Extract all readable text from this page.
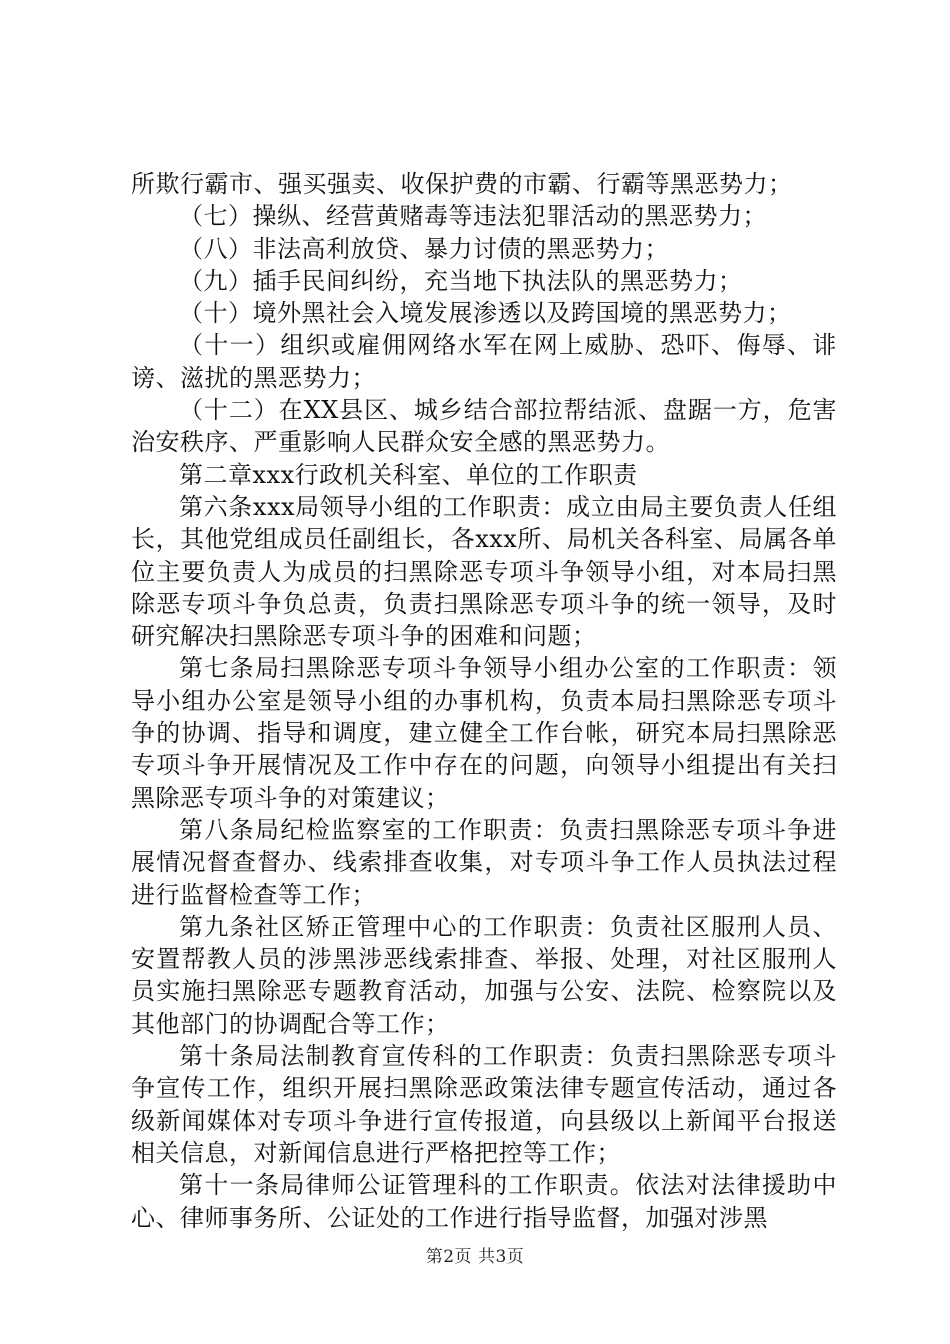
所欺行霸市、强买强卖、收保护费的市霸、行霸等黑恶势力；

（七）操纵、经营黄赌毒等违法犯罪活动的黑恶势力；

（八）非法高利放贷、暴力讨债的黑恶势力；

（九）插手民间纠纷，充当地下执法队的黑恶势力；

（十）境外黑社会入境发展渗透以及跨国境的黑恶势力；

（十一）组织或雇佣网络水军在网上威胁、恐吓、侮辱、诽谤、滋扰的黑恶势力；

（十二）在XX县区、城乡结合部拉帮结派、盘踞一方，危害治安秩序、严重影响人民群众安全感的黑恶势力。

第二章xxx行政机关科室、单位的工作职责

第六条xxx局领导小组的工作职责：成立由局主要负责人任组长，其他党组成员任副组长，各xxx所、局机关各科室、局属各单位主要负责人为成员的扫黑除恶专项斗争领导小组，对本局扫黑除恶专项斗争负总责，负责扫黑除恶专项斗争的统一领导，及时研究解决扫黑除恶专项斗争的困难和问题；

第七条局扫黑除恶专项斗争领导小组办公室的工作职责：领导小组办公室是领导小组的办事机构，负责本局扫黑除恶专项斗争的协调、指导和调度，建立健全工作台帐，研究本局扫黑除恶专项斗争开展情况及工作中存在的问题，向领导小组提出有关扫黑除恶专项斗争的对策建议；

第八条局纪检监察室的工作职责：负责扫黑除恶专项斗争进展情况督查督办、线索排查收集，对专项斗争工作人员执法过程进行监督检查等工作；

第九条社区矫正管理中心的工作职责：负责社区服刑人员、安置帮教人员的涉黑涉恶线索排查、举报、处理，对社区服刑人员实施扫黑除恶专题教育活动，加强与公安、法院、检察院以及其他部门的协调配合等工作；

第十条局法制教育宣传科的工作职责：负责扫黑除恶专项斗争宣传工作，组织开展扫黑除恶政策法律专题宣传活动，通过各级新闻媒体对专项斗争进行宣传报道，向县级以上新闻平台报送相关信息，对新闻信息进行严格把控等工作；

第十一条局律师公证管理科的工作职责。依法对法律援助中心、律师事务所、公证处的工作进行指导监督，加强对涉黑

第2页 共3页
